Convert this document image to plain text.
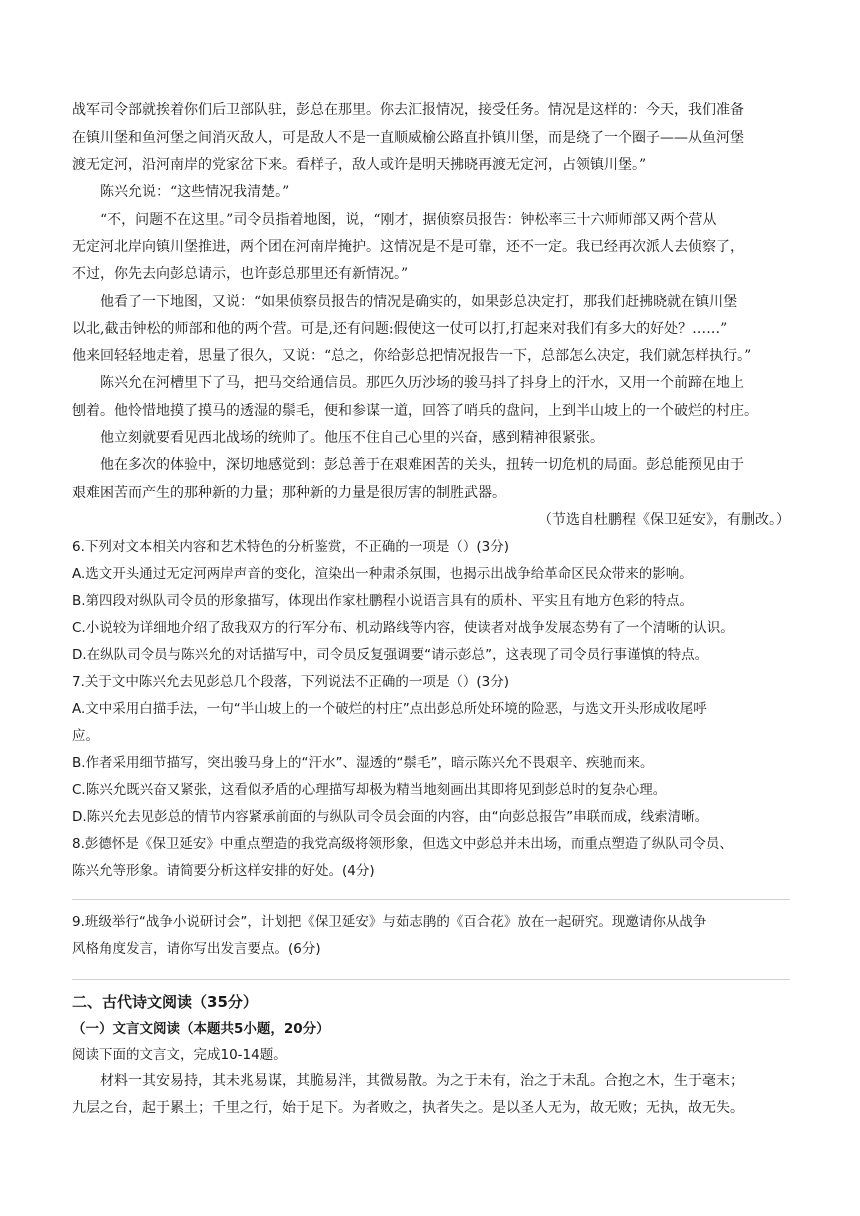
战军司令部就挨着你们后卫部队驻，彭总在那里。你去汇报情况，接受任务。情况是这样的：今天，我们准备
在镇川堡和鱼河堡之间消灭敌人，可是敌人不是一直顺威榆公路直扑镇川堡，而是绕了一个圈子——从鱼河堡
渡无定河，沿河南岸的党家岔下来。看样子，敌人或许是明天拂晓再渡无定河，占领镇川堡。”
陈兴允说：“这些情况我清楚。”
“不，问题不在这里。”司令员指着地图，说，“刚才，据侦察员报告：钟松率三十六师师部又两个营从
无定河北岸向镇川堡推进，两个团在河南岸掩护。这情况是不是可靠，还不一定。我已经再次派人去侦察了，
不过，你先去向彭总请示，也许彭总那里还有新情况。”
他看了一下地图，又说：“如果侦察员报告的情况是确实的，如果彭总决定打，那我们赶拂晓就在镇川堡
以北,截击钟松的师部和他的两个营。可是,还有问题:假使这一仗可以打,打起来对我们有多大的好处？……”
他来回轻轻地走着，思量了很久，又说：“总之，你给彭总把情况报告一下，总部怎么决定，我们就怎样执行。”
陈兴允在河槽里下了马，把马交给通信员。那匹久历沙场的骏马抖了抖身上的汗水，又用一个前蹄在地上
刨着。他怜惜地摸了摸马的透湿的鬃毛，便和参谋一道，回答了哨兵的盘问，上到半山坡上的一个破烂的村庄。
他立刻就要看见西北战场的统帅了。他压不住自己心里的兴奋，感到精神很紧张。
他在多次的体验中，深切地感觉到：彭总善于在艰难困苦的关头，扭转一切危机的局面。彭总能预见由于
艰难困苦而产生的那种新的力量；那种新的力量是很厉害的制胜武器。
（节选自杜鹏程《保卫延安》，有删改。）
6.下列对文本相关内容和艺术特色的分析鉴赏，不正确的一项是（）(3分)
A.选文开头通过无定河两岸声音的变化，渲染出一种肃杀氛围，也揭示出战争给革命区民众带来的影响。
B.第四段对纵队司令员的形象描写，体现出作家杜鹏程小说语言具有的质朴、平实且有地方色彩的特点。
C.小说较为详细地介绍了敌我双方的行军分布、机动路线等内容，使读者对战争发展态势有了一个清晰的认识。
D.在纵队司令员与陈兴允的对话描写中，司令员反复强调要“请示彭总”，这表现了司令员行事谨慎的特点。
7.关于文中陈兴允去见彭总几个段落，下列说法不正确的一项是（）(3分)
A.文中采用白描手法，一句“半山坡上的一个破烂的村庄”点出彭总所处环境的险恶，与选文开头形成收尾呼
应。
B.作者采用细节描写，突出骏马身上的“汗水”、湿透的“鬃毛”，暗示陈兴允不畏艰辛、疾驰而来。
C.陈兴允既兴奋又紧张，这看似矛盾的心理描写却极为精当地刻画出其即将见到彭总时的复杂心理。
D.陈兴允去见彭总的情节内容紧承前面的与纵队司令员会面的内容，由“向彭总报告”串联而成，线索清晰。
8.彭德怀是《保卫延安》中重点塑造的我党高级将领形象，但选文中彭总并未出场，而重点塑造了纵队司令员、
陈兴允等形象。请简要分析这样安排的好处。(4分)
9.班级举行“战争小说研讨会”，计划把《保卫延安》与茹志鹃的《百合花》放在一起研究。现邀请你从战争
风格角度发言，请你写出发言要点。(6分)
二、古代诗文阅读（35分）
（一）文言文阅读（本题共5小题，20分）
阅读下面的文言文，完成10-14题。
材料一其安易持，其未兆易谋，其脆易泮，其微易散。为之于未有，治之于未乱。合抱之木，生于毫末；
九层之台，起于累土；千里之行，始于足下。为者败之，执者失之。是以圣人无为，故无败；无执，故无失。
